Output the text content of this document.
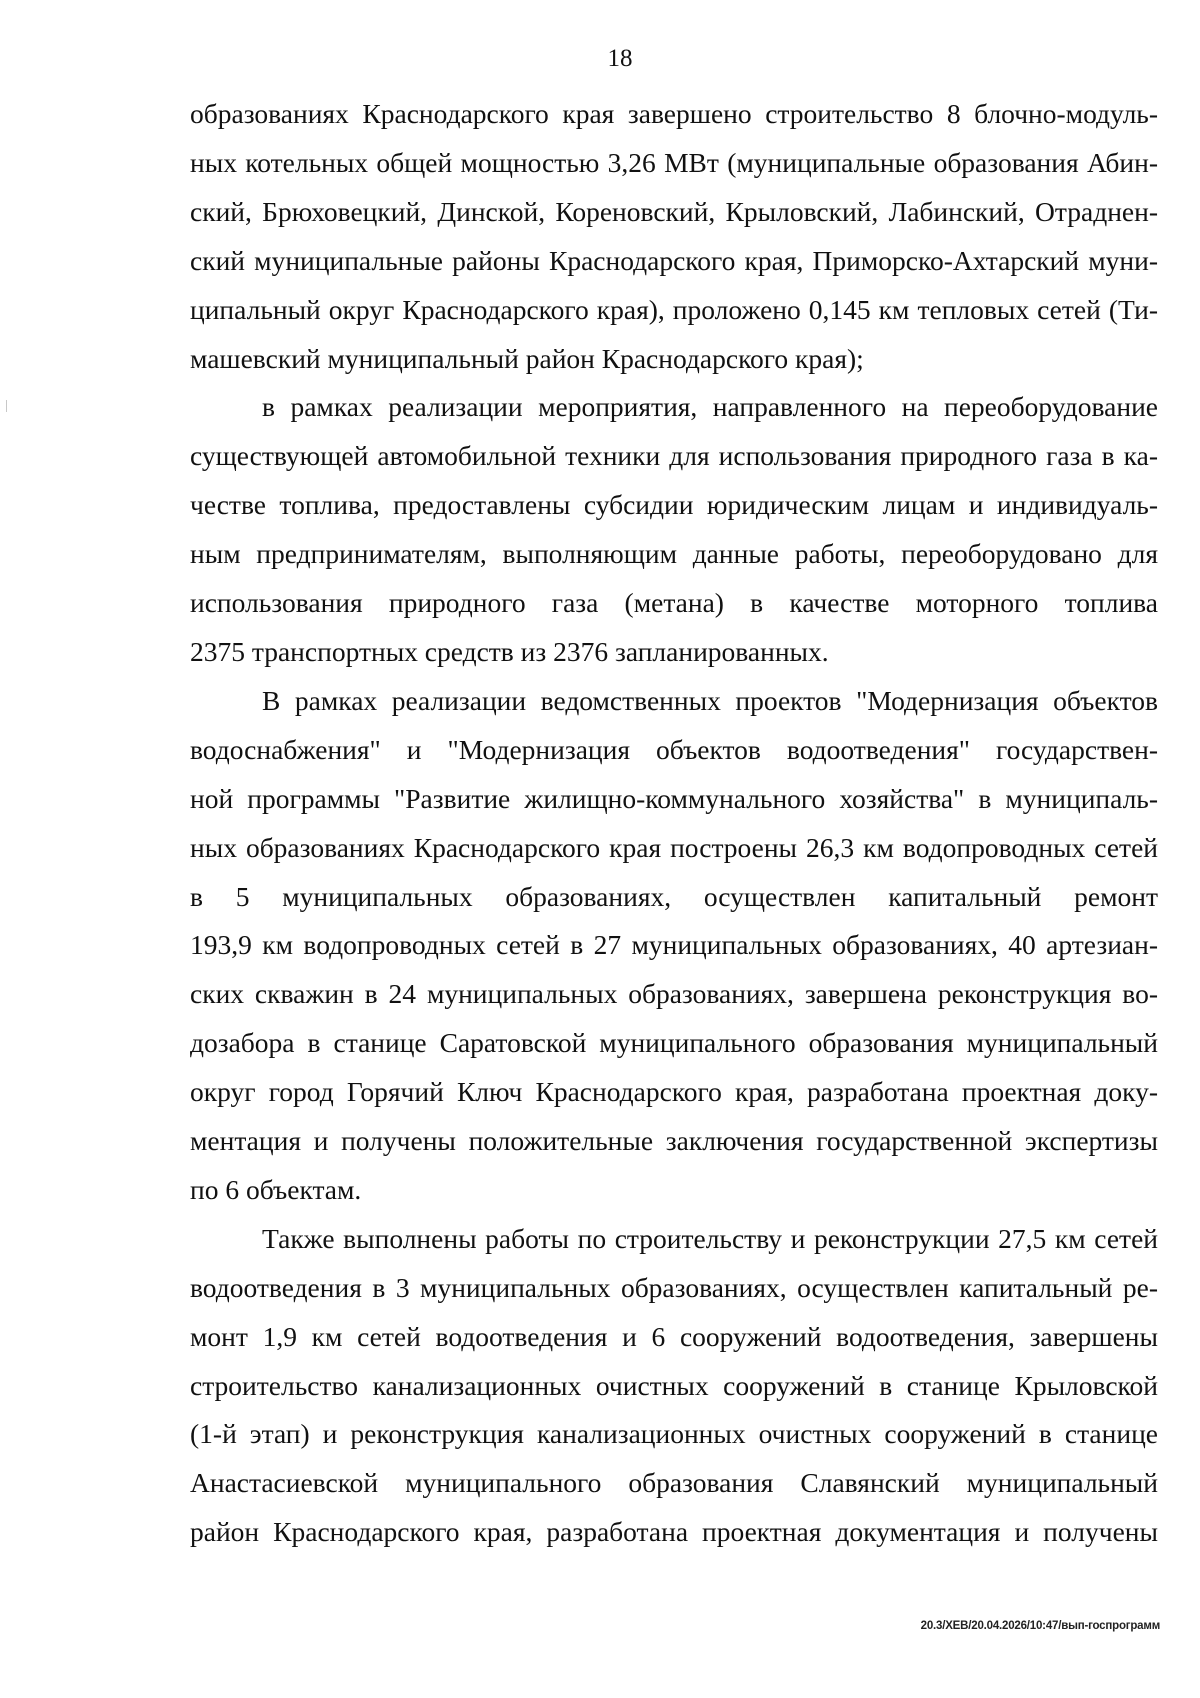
18

образованиях Краснодарского края завершено строительство 8 блочно-модуль-
ных котельных общей мощностью 3,26 МВт (муниципальные образования Абин-
ский, Брюховецкий, Динской, Кореновский, Крыловский, Лабинский, Отраднен-
ский муниципальные районы Краснодарского края, Приморско-Ахтарский муни-
ципальный округ Краснодарского края), проложено 0,145 км тепловых сетей (Ти-
машевский муниципальный район Краснодарского края);

в рамках реализации мероприятия, направленного на переоборудование
существующей автомобильной техники для использования природного газа в ка-
честве топлива, предоставлены субсидии юридическим лицам и индивидуаль-
ным предпринимателям, выполняющим данные работы, переоборудовано для
использования природного газа (метана) в качестве моторного топлива
2375 транспортных средств из 2376 запланированных.

В рамках реализации ведомственных проектов "Модернизация объектов
водоснабжения" и "Модернизация объектов водоотведения" государствен-
ной программы "Развитие жилищно-коммунального хозяйства" в муниципаль-
ных образованиях Краснодарского края построены 26,3 км водопроводных сетей
в 5 муниципальных образованиях, осуществлен капитальный ремонт
193,9 км водопроводных сетей в 27 муниципальных образованиях, 40 артезиан-
ских скважин в 24 муниципальных образованиях, завершена реконструкция во-
дозабора в станице Саратовской муниципального образования муниципальный
округ город Горячий Ключ Краснодарского края, разработана проектная доку-
ментация и получены положительные заключения государственной экспертизы
по 6 объектам.

Также выполнены работы по строительству и реконструкции 27,5 км сетей
водоотведения в 3 муниципальных образованиях, осуществлен капитальный ре-
монт 1,9 км сетей водоотведения и 6 сооружений водоотведения, завершены
строительство канализационных очистных сооружений в станице Крыловской
(1-й этап) и реконструкция канализационных очистных сооружений в станице
Анастасиевской муниципального образования Славянский муниципальный
район Краснодарского края, разработана проектная документация и получены

20.3/ХЕВ/20.04.2026/10:47/вып-госпрограмм
